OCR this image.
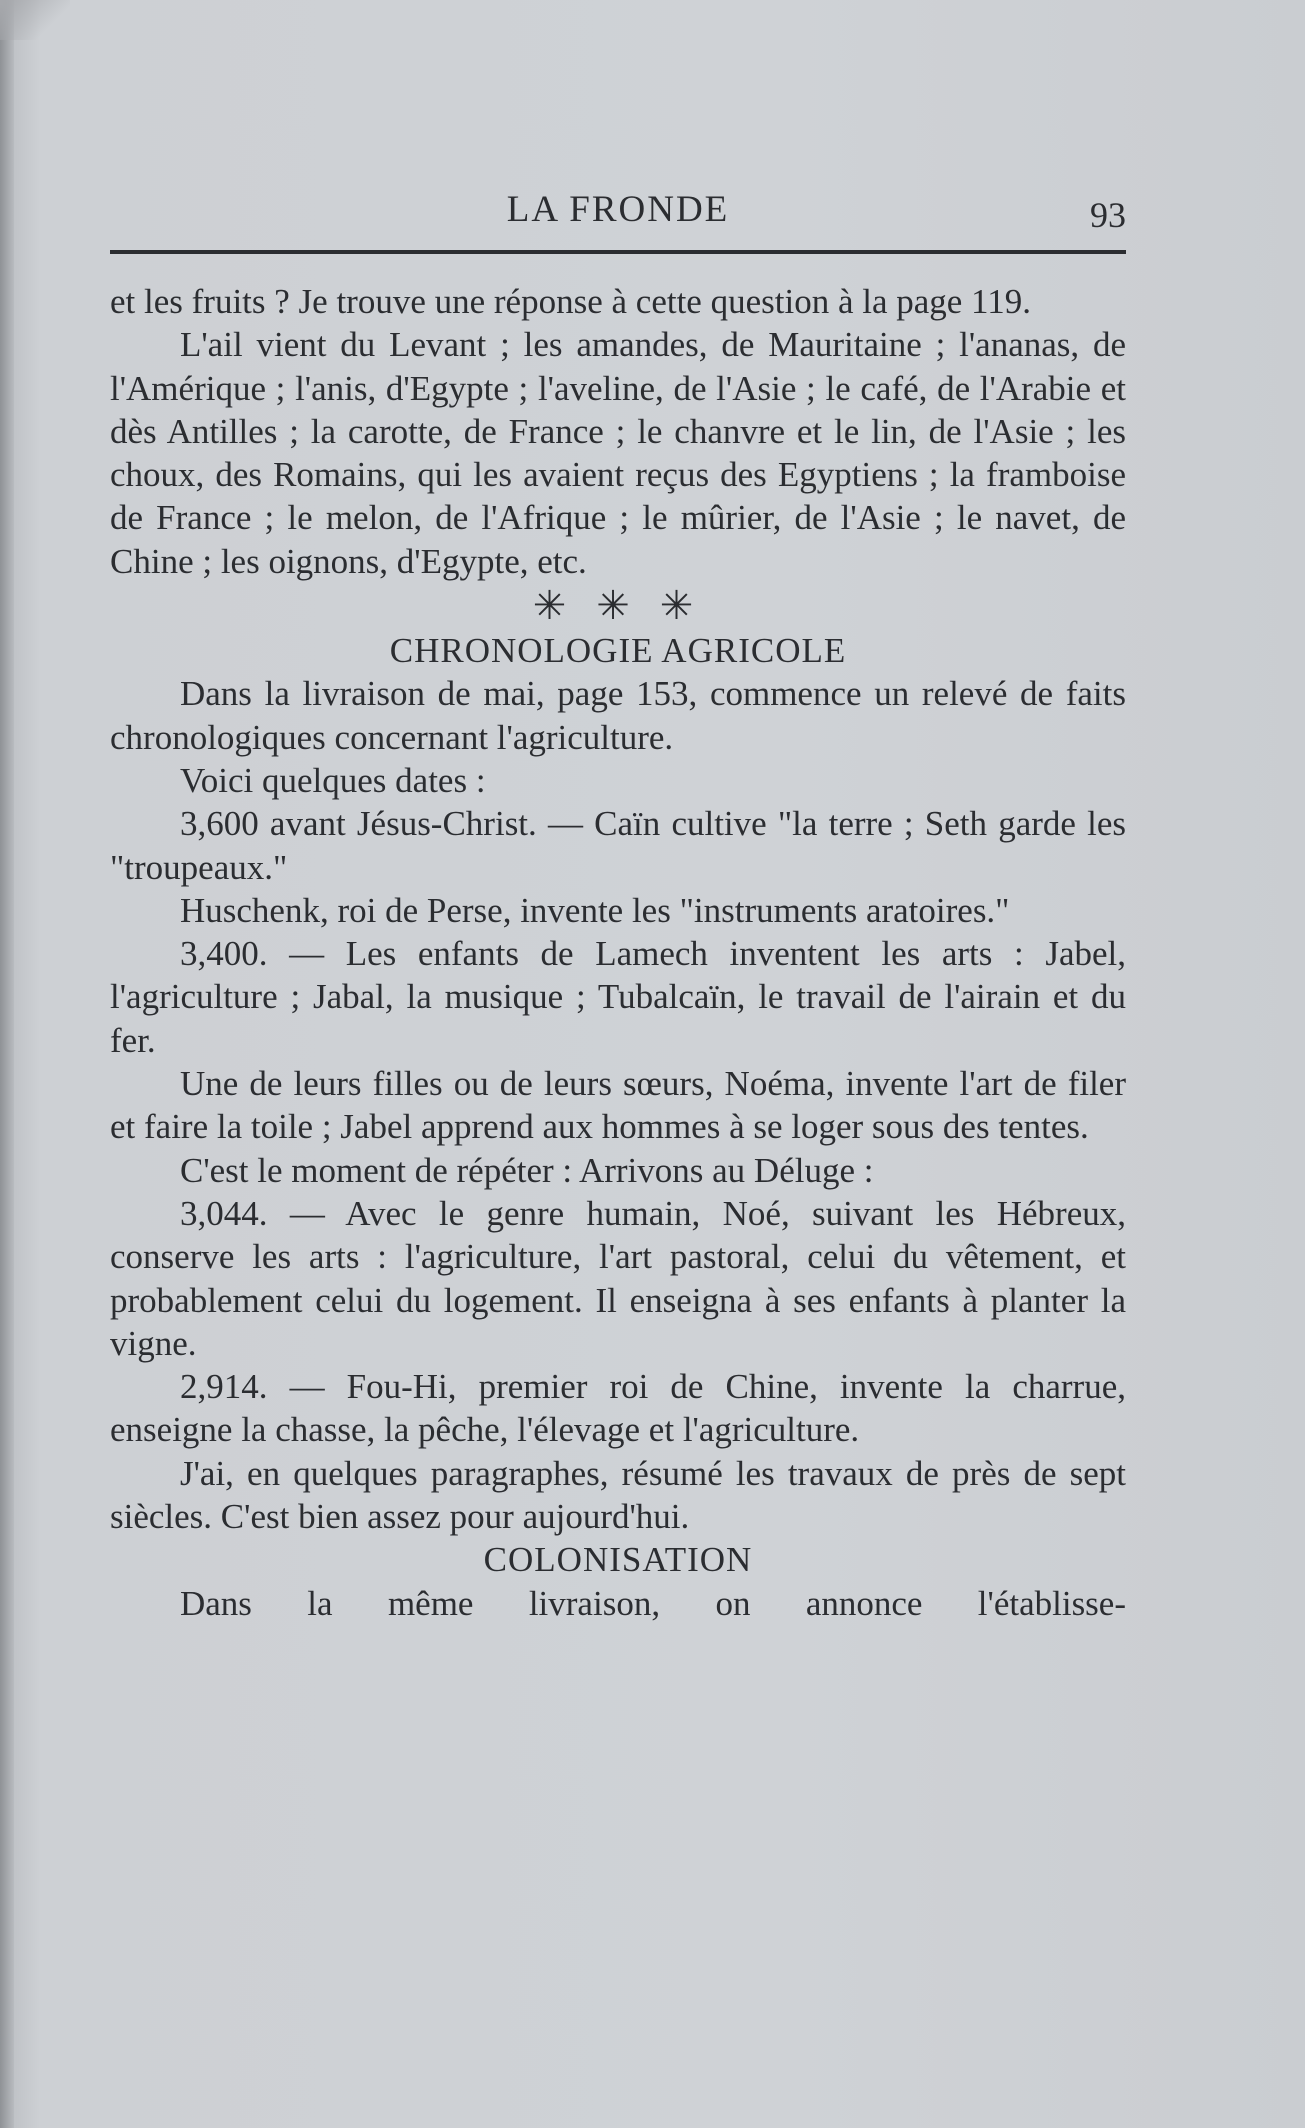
LA FRONDE	93

et les fruits ? Je trouve une réponse à cette question à la page 119.

L'ail vient du Levant ; les amandes, de Mauritaine ; l'ananas, de l'Amérique ; l'anis, d'Egypte ; l'aveline, de l'Asie ; le café, de l'Arabie et dès Antilles ; la carotte, de France ; le chanvre et le lin, de l'Asie ; les choux, des Romains, qui les avaient reçus des Egyptiens ; la framboise de France ; le melon, de l'Afrique ; le mûrier, de l'Asie ; le navet, de Chine ; les oignons, d'Egypte, etc.

✳ ✳ ✳

CHRONOLOGIE AGRICOLE

Dans la livraison de mai, page 153, commence un relevé de faits chronologiques concernant l'agriculture.

Voici quelques dates :

3,600 avant Jésus-Christ. — Caïn cultive "la terre ; Seth garde les "troupeaux."

Huschenk, roi de Perse, invente les "instruments aratoires."

3,400. — Les enfants de Lamech inventent les arts : Jabel, l'agriculture ; Jabal, la musique ; Tubalcaïn, le travail de l'airain et du fer.

Une de leurs filles ou de leurs sœurs, Noéma, invente l'art de filer et faire la toile ; Jabel apprend aux hommes à se loger sous des tentes.

C'est le moment de répéter : Arrivons au Déluge :

3,044. — Avec le genre humain, Noé, suivant les Hébreux, conserve les arts : l'agriculture, l'art pastoral, celui du vêtement, et probablement celui du logement. Il enseigna à ses enfants à planter la vigne.

2,914. — Fou-Hi, premier roi de Chine, invente la charrue, enseigne la chasse, la pêche, l'élevage et l'agriculture.

J'ai, en quelques paragraphes, résumé les travaux de près de sept siècles. C'est bien assez pour aujourd'hui.

COLONISATION

Dans la même livraison, on annonce l'établisse-
